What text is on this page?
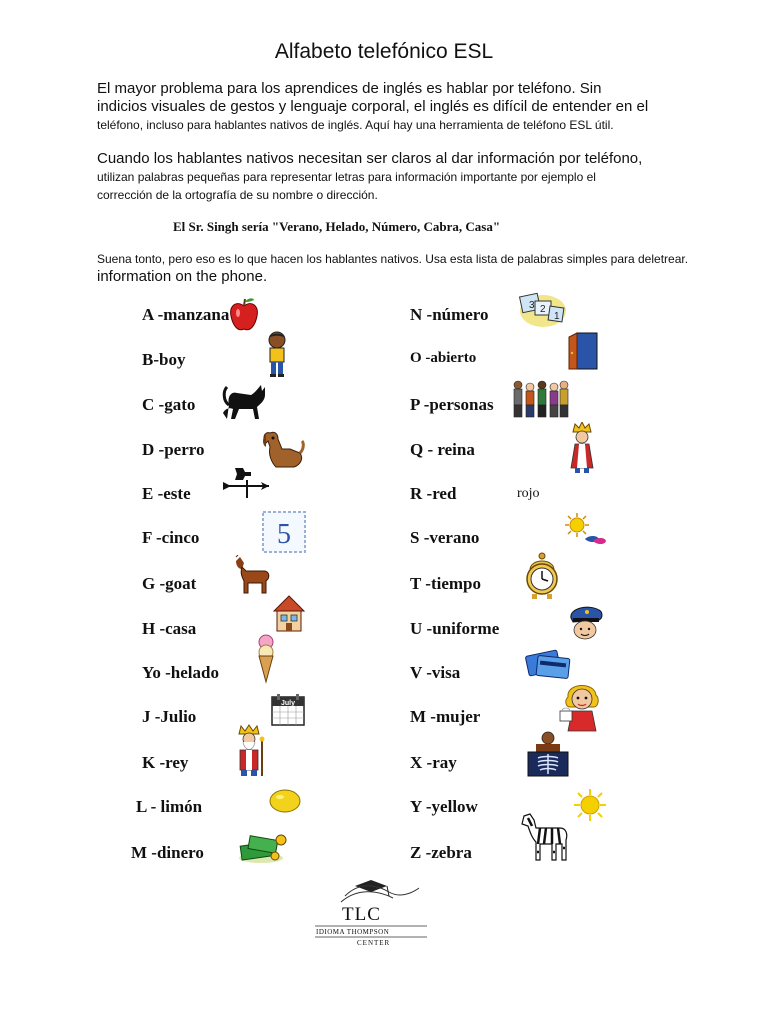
Alfabeto telefónico ESL
El mayor problema para los aprendices de inglés es hablar por teléfono. Sin
indicios visuales de gestos y lenguaje corporal, el inglés es difícil de entender en el
teléfono, incluso para hablantes nativos de inglés. Aquí hay una herramienta de teléfono ESL útil.
Cuando los hablantes nativos necesitan ser claros al dar información por teléfono,
utilizan palabras pequeñas para representar letras para información importante por ejemplo el
corrección de la ortografía de su nombre o dirección.
El Sr. Singh sería "Verano, Helado, Número, Cabra, Casa"
Suena tonto, pero eso es lo que hacen los hablantes nativos. Usa esta lista de palabras simples para deletrear.
information on the phone.
A -manzana
B-boy
C -gato
D -perro
E -este
F -cinco
G -goat
H -casa
Yo -helado
J -Julio
K -rey
L - limón
M -dinero
N -número
O -abierto
P -personas
Q - reina
R -red
S -verano
T -tiempo
U -uniforme
V -visa
M -mujer
X -ray
Y -yellow
Z -zebra
rojo
5
July
3 2
1
TLC
IDIOMA THOMPSON
CENTER
